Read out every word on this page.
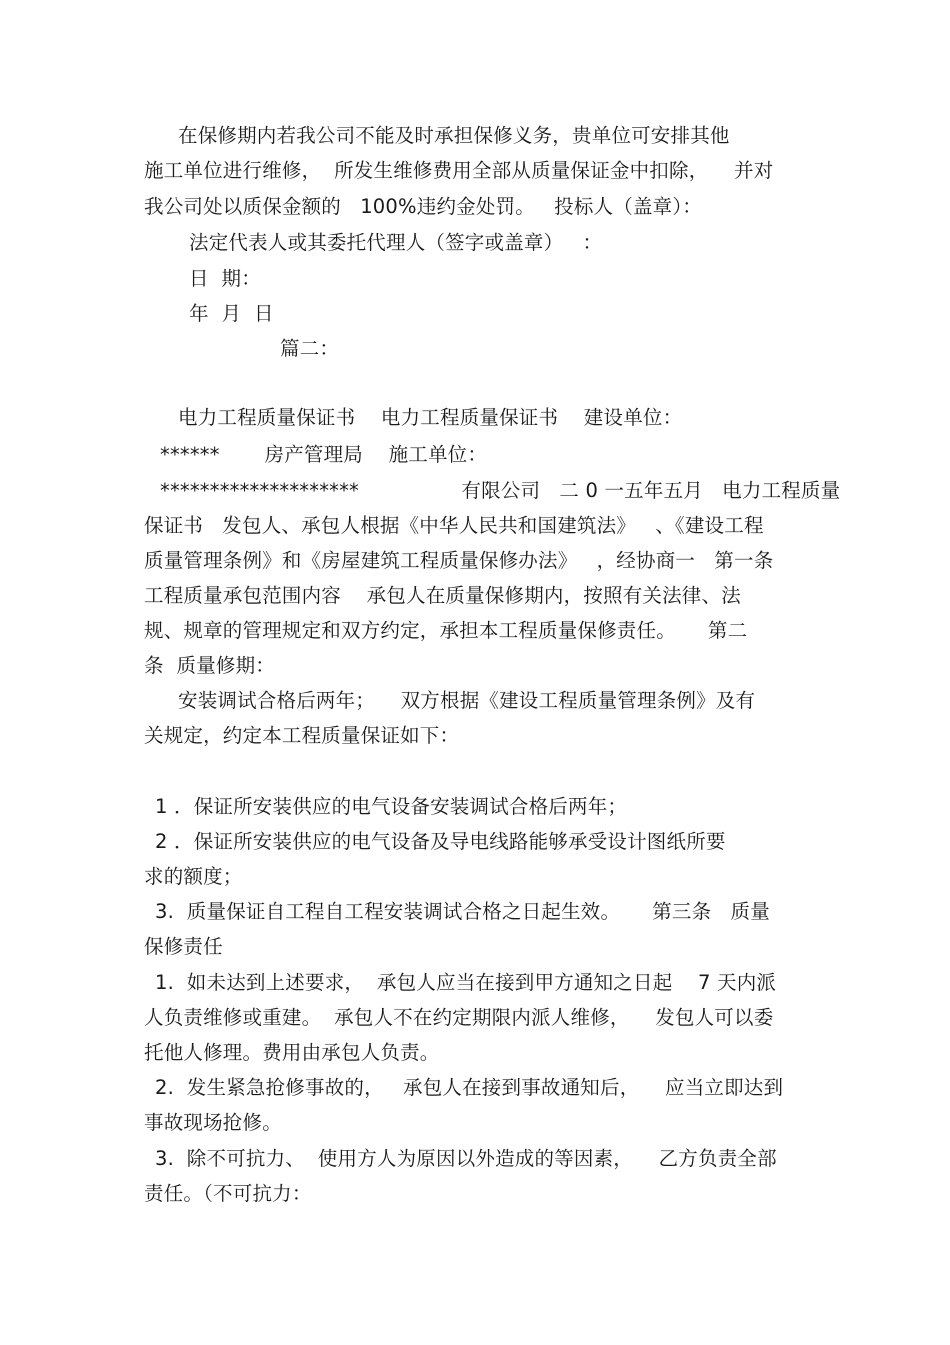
在保修期内若我公司不能及时承担保修义务，贵单位可安排其他
施工单位进行维修，  所发生维修费用全部从质量保证金中扣除，    并对
我公司处以质保金额的   100%违约金处罚。   投标人（盖章）：
法定代表人或其委托代理人（签字或盖章）   ：
日  期：
年  月  日
篇二：
电力工程质量保证书    电力工程质量保证书    建设单位：
******       房产管理局    施工单位：
********************                有限公司   二 0 一五年五月   电力工程质量
保证书   发包人、承包人根据《中华人民共和国建筑法》   、《建设工程
质量管理条例》和《房屋建筑工程质量保修办法》   ，经协商一   第一条
工程质量承包范围内容    承包人在质量保修期内，按照有关法律、法
规、规章的管理规定和双方约定，承担本工程质量保修责任。     第二
条  质量修期：
安装调试合格后两年；    双方根据《建设工程质量管理条例》及有
关规定，约定本工程质量保证如下：
1 ．保证所安装供应的电气设备安装调试合格后两年；
2 ．保证所安装供应的电气设备及导电线路能够承受设计图纸所要
求的额度；
3.  质量保证自工程自工程安装调试合格之日起生效。     第三条   质量
保修责任
1.  如未达到上述要求，  承包人应当在接到甲方通知之日起    7 天内派
人负责维修或重建。  承包人不在约定期限内派人维修，    发包人可以委
托他人修理。费用由承包人负责。
2.  发生紧急抢修事故的，   承包人在接到事故通知后，    应当立即达到
事故现场抢修。
3.  除不可抗力、  使用方人为原因以外造成的等因素，    乙方负责全部
责任。（不可抗力：
